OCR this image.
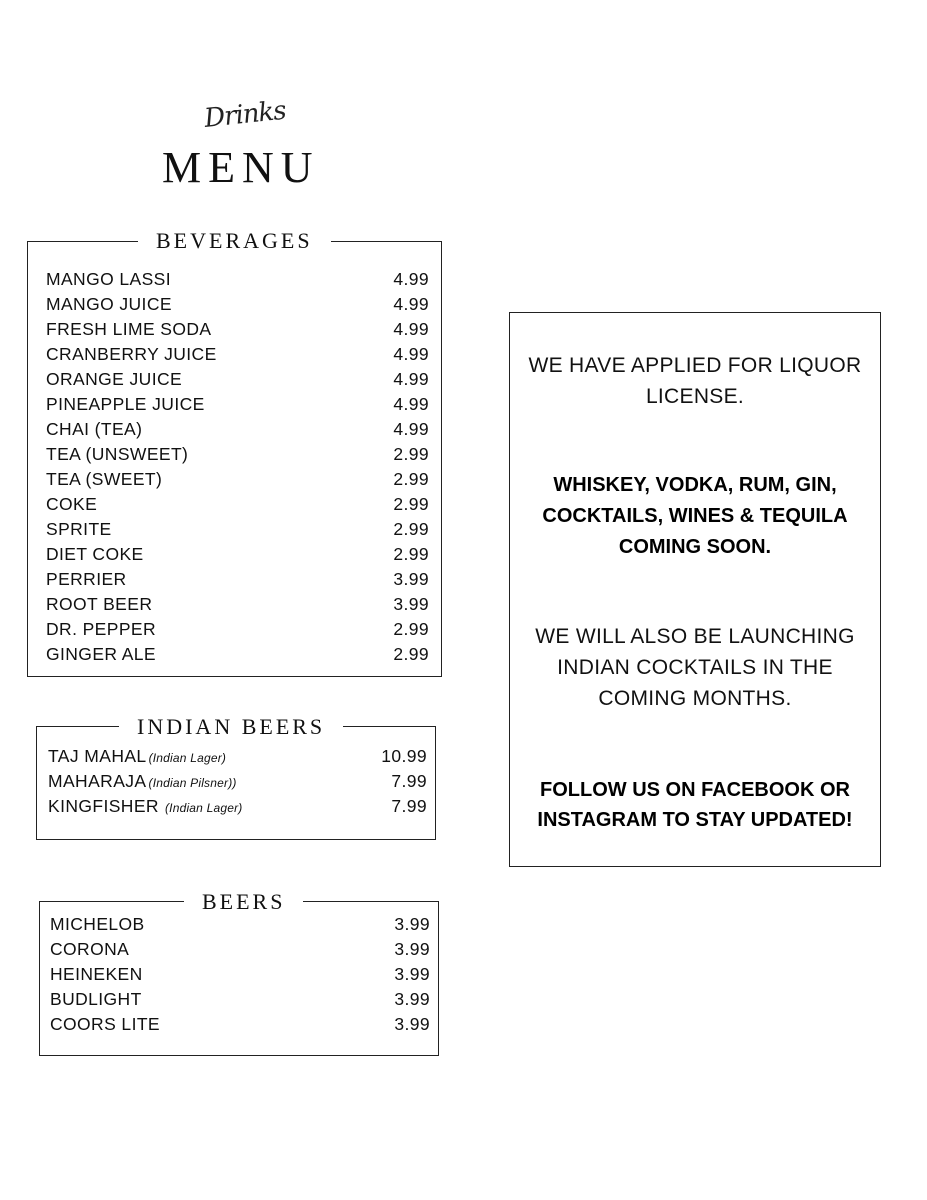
Drinks
MENU
BEVERAGES
MANGO LASSI	4.99
MANGO JUICE	4.99
FRESH LIME SODA	4.99
CRANBERRY JUICE	4.99
ORANGE JUICE	4.99
PINEAPPLE JUICE	4.99
CHAI (TEA)	4.99
TEA (UNSWEET)	2.99
TEA (SWEET)	2.99
COKE	2.99
SPRITE	2.99
DIET COKE	2.99
PERRIER	3.99
ROOT BEER	3.99
DR. PEPPER	2.99
GINGER ALE	2.99
INDIAN BEERS
TAJ MAHAL (Indian Lager)	10.99
MAHARAJA (Indian Pilsner))	7.99
KINGFISHER (Indian Lager)	7.99
BEERS
MICHELOB	3.99
CORONA	3.99
HEINEKEN	3.99
BUDLIGHT	3.99
COORS LITE	3.99
WE HAVE APPLIED FOR LIQUOR
LICENSE.
WHISKEY, VODKA, RUM, GIN,
COCKTAILS, WINES & TEQUILA
COMING SOON.
WE WILL ALSO BE LAUNCHING
INDIAN COCKTAILS IN THE
COMING MONTHS.
FOLLOW US ON FACEBOOK OR
INSTAGRAM TO STAY UPDATED!
